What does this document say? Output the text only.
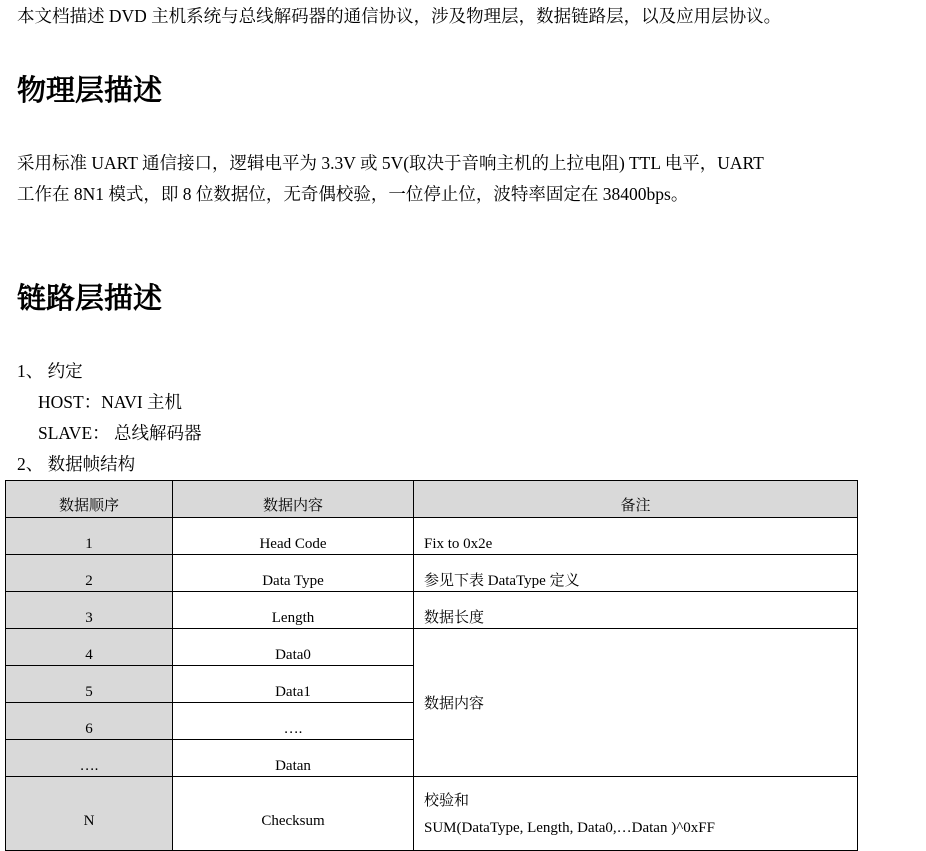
本文档描述 DVD 主机系统与总线解码器的通信协议，涉及物理层，数据链路层，以及应用层协议。
物理层描述
采用标准 UART 通信接口，逻辑电平为 3.3V 或 5V(取决于音响主机的上拉电阻) TTL 电平，UART
工作在 8N1 模式，即 8 位数据位，无奇偶校验，一位停止位，波特率固定在 38400bps。
链路层描述
1、 约定
HOST：NAVI 主机
SLAVE： 总线解码器
2、 数据帧结构
数据顺序	数据内容	备注
1	Head Code	Fix to 0x2e
2	Data Type	参见下表 DataType 定义
3	Length	数据长度
4	Data0	数据内容
5	Data1	
6	….	
….	Datan	
N	Checksum	校验和
SUM(DataType, Length, Data0,…Datan )^0xFF
